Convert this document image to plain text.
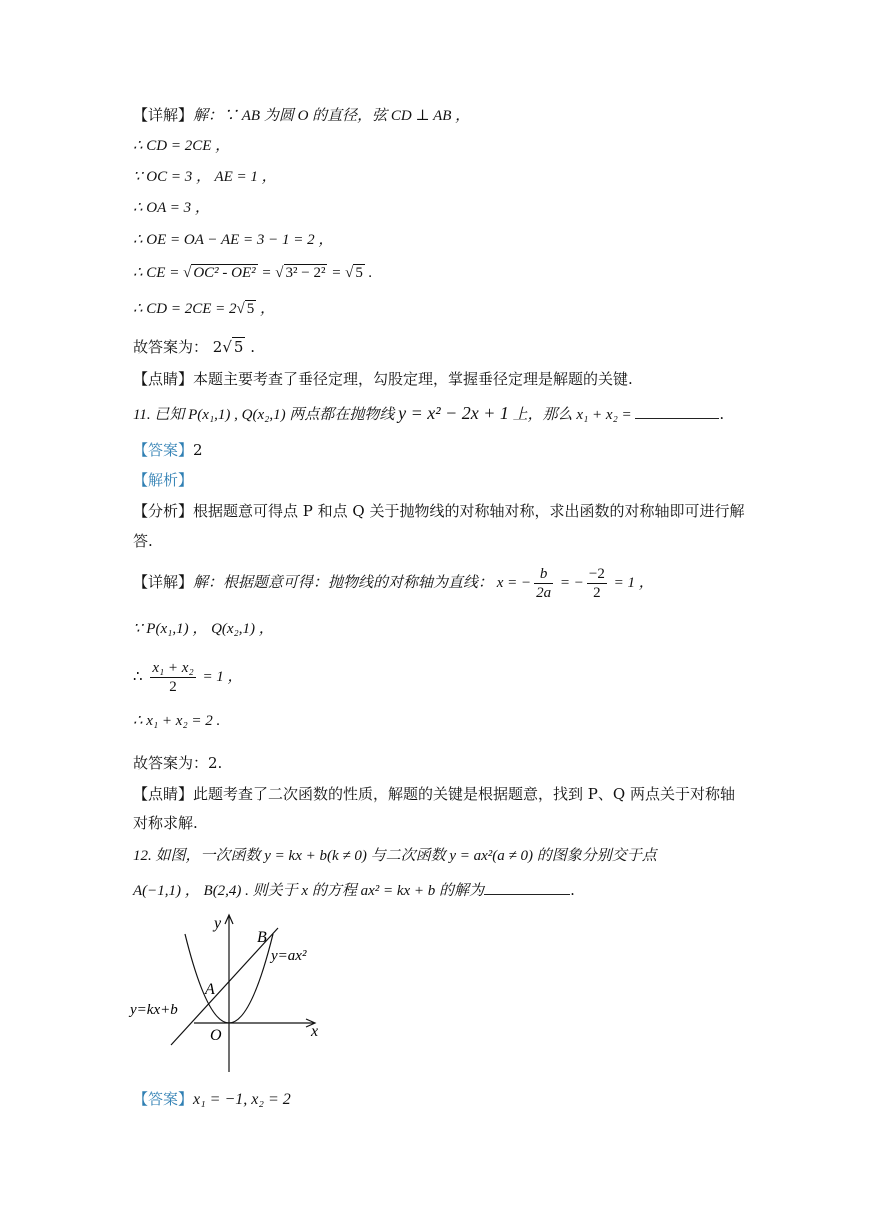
【详解】解：∵ AB 为圆 O 的直径，弦 CD ⊥ AB ，
∴ CD = 2CE ，
∵ OC = 3 ， AE = 1 ，
∴ OA = 3 ，
∴ OE = OA − AE = 3 − 1 = 2 ，
∴ CE = √ OC² - OE² = √ 3² − 2² = √ 5 .
∴ CD = 2CE = 2√ 5 ，
故答案为： 2√ 5 .
【点睛】本题主要考查了垂径定理，勾股定理，掌握垂径定理是解题的关键.
11. 已知 P(x₁,1) , Q(x₂,1) 两点都在抛物线 y = x² − 2x + 1 上，那么 x₁ + x₂ =	.
【答案】2
【解析】
【分析】根据题意可得点 P 和点 Q 关于抛物线的对称轴对称，求出函数的对称轴即可进行解
答.
【详解】解：根据题意可得：抛物线的对称轴为直线： x = − $\frac{b}{2a}$ = − $\frac{-2}{2} = 1$ ，
∵ P(x₁,1) ， Q(x₂,1) ，
∴ $\frac{\text{x₁ + x₂}}{2} = 1$ ，
∴ x₁ + x₂ = 2 .
故答案为：2.
【点睛】此题考查了二次函数的性质，解题的关键是根据题意，找到 P、Q 两点关于对称轴
对称求解.
12. 如图，一次函数 y = kx + b(k ≠ 0) 与二次函数 y = ax²(a ≠ 0) 的图象分别交于点
A(−1,1) ， B(2,4) . 则关于 x 的方程 ax² = kx + b 的解为	.
y
x
O
A
B
y=ax²
y=kx+b
【答案】x₁ = −1, x₂ = 2
